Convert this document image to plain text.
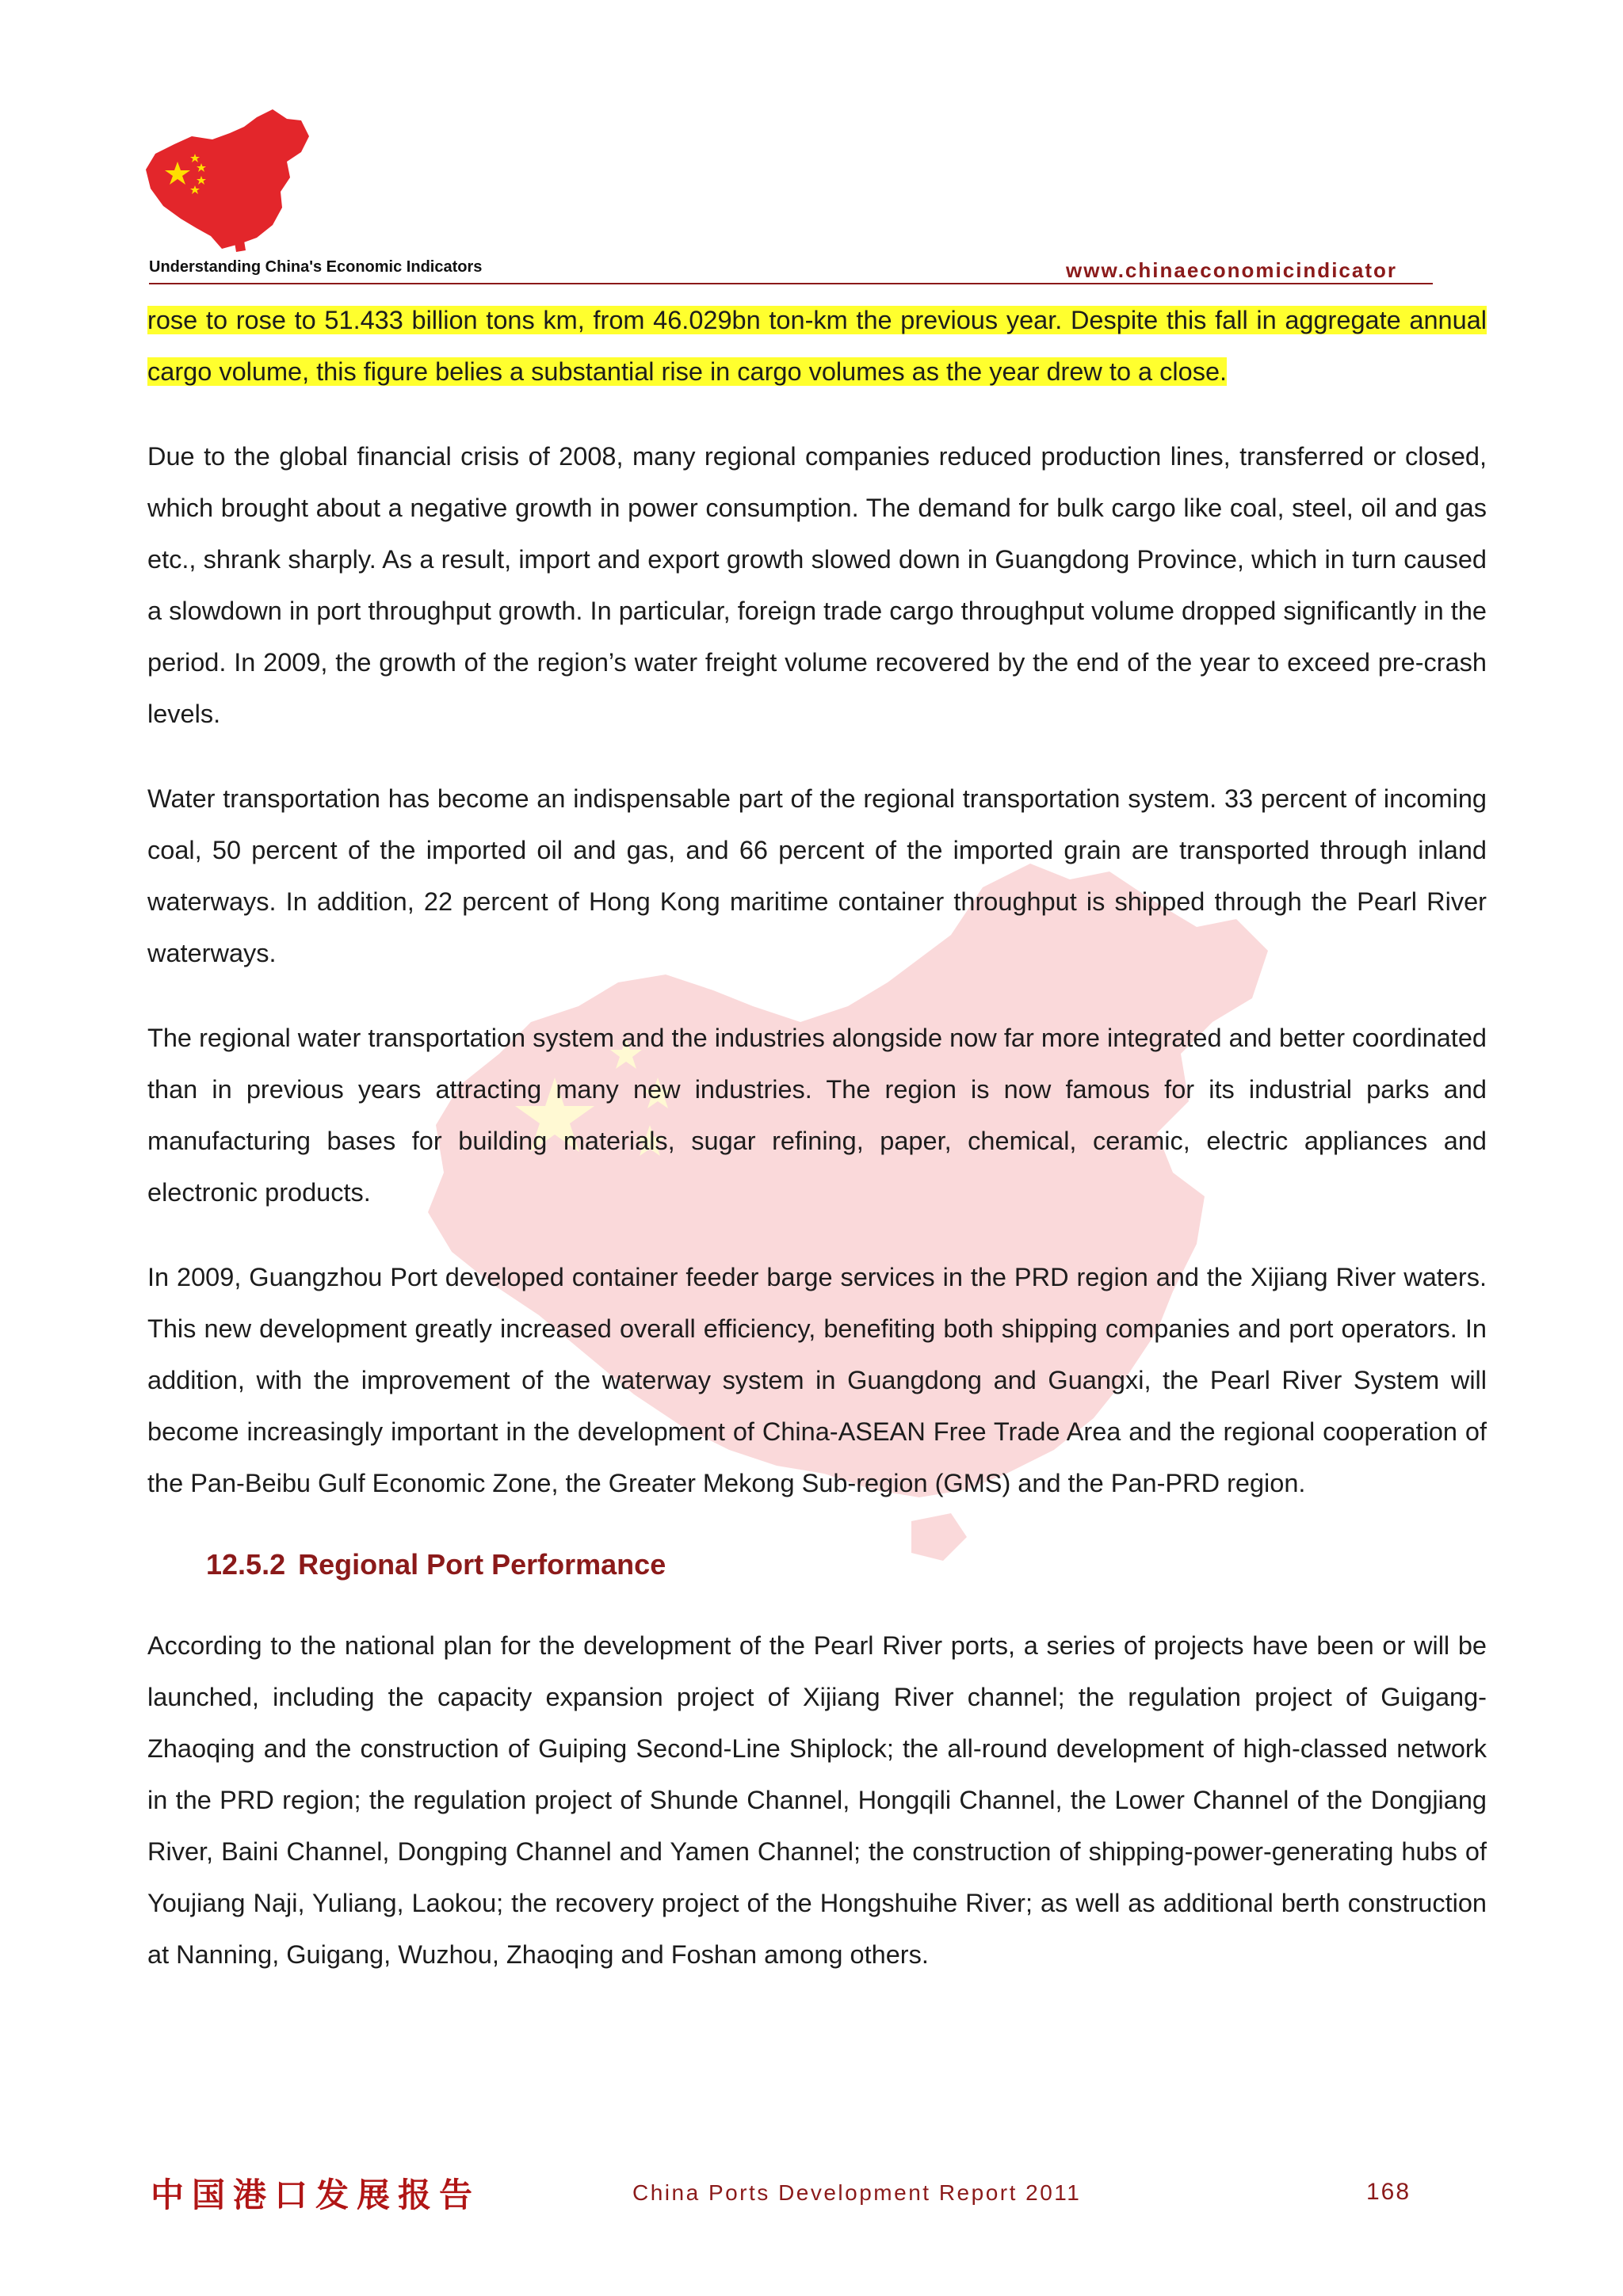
Understanding China's Economic Indicators	www.chinaeconomicindicator

rose to rose to 51.433 billion tons km, from 46.029bn ton-km the previous year. Despite this fall in aggregate annual cargo volume, this figure belies a substantial rise in cargo volumes as the year drew to a close.

Due to the global financial crisis of 2008, many regional companies reduced production lines, transferred or closed, which brought about a negative growth in power consumption. The demand for bulk cargo like coal, steel, oil and gas etc., shrank sharply. As a result, import and export growth slowed down in Guangdong Province, which in turn caused a slowdown in port throughput growth. In particular, foreign trade cargo throughput volume dropped significantly in the period. In 2009, the growth of the region’s water freight volume recovered by the end of the year to exceed pre-crash levels.

Water transportation has become an indispensable part of the regional transportation system. 33 percent of incoming coal, 50 percent of the imported oil and gas, and 66 percent of the imported grain are transported through inland waterways. In addition, 22 percent of Hong Kong maritime container throughput is shipped through the Pearl River waterways.

The regional water transportation system and the industries alongside now far more integrated and better coordinated than in previous years attracting many new industries. The region is now famous for its industrial parks and manufacturing bases for building materials, sugar refining, paper, chemical, ceramic, electric appliances and electronic products.

In 2009, Guangzhou Port developed container feeder barge services in the PRD region and the Xijiang River waters. This new development greatly increased overall efficiency, benefiting both shipping companies and port operators. In addition, with the improvement of the waterway system in Guangdong and Guangxi, the Pearl River System will become increasingly important in the development of China-ASEAN Free Trade Area and the regional cooperation of the Pan-Beibu Gulf Economic Zone, the Greater Mekong Sub-region (GMS) and the Pan-PRD region.

12.5.2 Regional Port Performance

According to the national plan for the development of the Pearl River ports, a series of projects have been or will be launched, including the capacity expansion project of Xijiang River channel; the regulation project of Guigang-Zhaoqing and the construction of Guiping Second-Line Shiplock; the all-round development of high-classed network in the PRD region; the regulation project of Shunde Channel, Hongqili Channel, the Lower Channel of the Dongjiang River, Baini Channel, Dongping Channel and Yamen Channel; the construction of shipping-power-generating hubs of Youjiang Naji, Yuliang, Laokou; the recovery project of the Hongshuihe River; as well as additional berth construction at Nanning, Guigang, Wuzhou, Zhaoqing and Foshan among others.

中国港口发展报告	China Ports Development Report 2011	168
